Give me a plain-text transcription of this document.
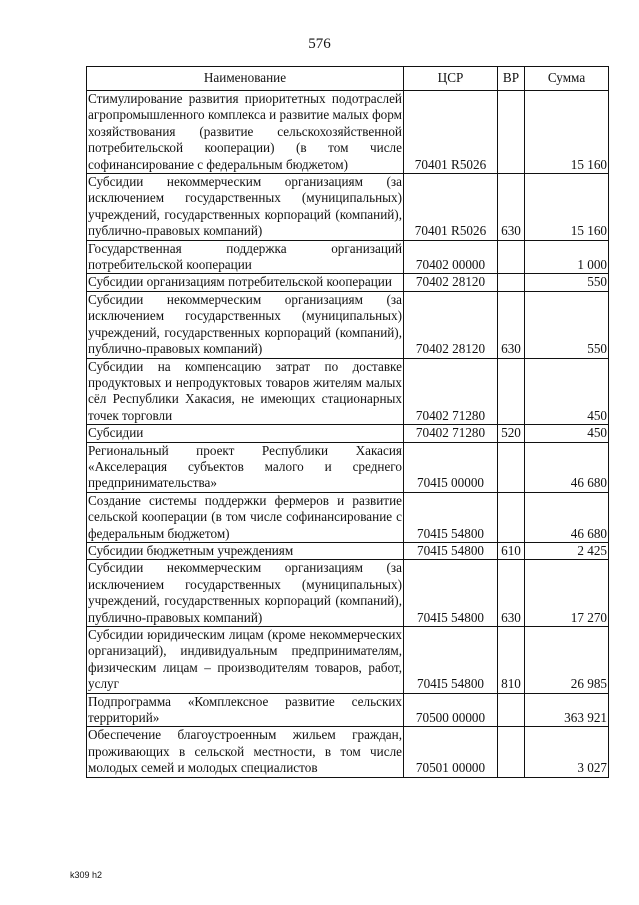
576
Наименование	ЦСР	ВР	Сумма
Стимулирование развития приоритетных подотраслей агропромышленного комплекса и развитие малых форм хозяйствования (развитие сельскохозяйственной потребительской кооперации) (в том числе софинансирование с федеральным бюджетом)	70401 R5026		15 160
Субсидии некоммерческим организациям (за исключением государственных (муниципальных) учреждений, государственных корпораций (компаний), публично-правовых компаний)	70401 R5026	630	15 160
Государственная поддержка организаций потребительской кооперации	70402 00000		1 000
Субсидии организациям потребительской кооперации	70402 28120		550
Субсидии некоммерческим организациям (за исключением государственных (муниципальных) учреждений, государственных корпораций (компаний), публично-правовых компаний)	70402 28120	630	550
Субсидии на компенсацию затрат по доставке продуктовых и непродуктовых товаров жителям малых сёл Республики Хакасия, не имеющих стационарных точек торговли	70402 71280		450
Субсидии	70402 71280	520	450
Региональный проект Республики Хакасия «Акселерация субъектов малого и среднего предпринимательства»	704I5 00000		46 680
Создание системы поддержки фермеров и развитие сельской кооперации (в том числе софинансирование с федеральным бюджетом)	704I5 54800		46 680
Субсидии бюджетным учреждениям	704I5 54800	610	2 425
Субсидии некоммерческим организациям (за исключением государственных (муниципальных) учреждений, государственных корпораций (компаний), публично-правовых компаний)	704I5 54800	630	17 270
Субсидии юридическим лицам (кроме некоммерческих организаций), индивидуальным предпринимателям, физическим лицам – производителям товаров, работ, услуг	704I5 54800	810	26 985
Подпрограмма «Комплексное развитие сельских территорий»	70500 00000		363 921
Обеспечение благоустроенным жильем граждан, проживающих в сельской местности, в том числе молодых семей и молодых специалистов	70501 00000		3 027
k309 h2
